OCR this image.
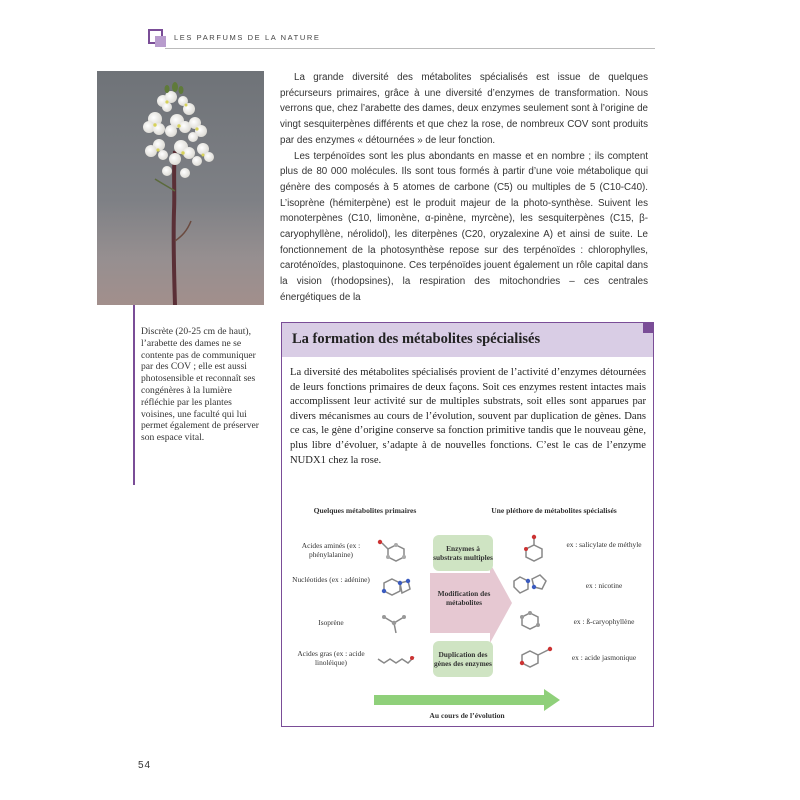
LES PARFUMS DE LA NATURE
Discrète (20-25 cm de haut), l’arabette des dames ne se contente pas de communiquer par des COV ; elle est aussi photosensible et reconnaît ses congénères à la lumière réfléchie par les plantes voisines, une faculté qui lui permet également de préserver son espace vital.

La grande diversité des métabolites spécialisés est issue de quelques précurseurs primaires, grâce à une diversité d’enzymes de transformation. Nous verrons que, chez l’arabette des dames, deux enzymes seulement sont à l’origine de vingt sesquiterpènes différents et que chez la rose, de nombreux COV sont produits par des enzymes « détournées » de leur fonction.

Les terpénoïdes sont les plus abondants en masse et en nombre ; ils comptent plus de 80 000 molécules. Ils sont tous formés à partir d’une voie métabolique qui génère des composés à 5 atomes de carbone (C5) ou multiples de 5 (C10-C40). L’isoprène (hémiterpène) est le produit majeur de la photo-synthèse. Suivent les monoterpènes (C10, limonène, α-pinène, myrcène), les sesquiterpènes (C15, β-caryophyllène, nérolidol), les diterpènes (C20, oryzalexine A) et ainsi de suite. Le fonctionnement de la photosynthèse repose sur des terpénoïdes : chlorophylles, caroténoïdes, plastoquinone. Ces terpénoïdes jouent également un rôle capital dans la vision (rhodopsines), la respiration des mitochondries – ces centrales énergétiques de la

La formation des métabolites spécialisés

La diversité des métabolites spécialisés provient de l’activité d’enzymes détournées de leurs fonctions primaires de deux façons. Soit ces enzymes restent intactes mais accomplissent leur activité sur de multiples substrats, soit elles sont apparues par divers mécanismes au cours de l’évolution, souvent par duplication de gènes. Dans ce cas, le gène d’origine conserve sa fonction primitive tandis que le nouveau gène, plus libre d’évoluer, s’adapte à de nouvelles fonctions. C’est le cas de l’enzyme NUDX1 chez la rose.

Quelques métabolites primaires	Une pléthore de métabolites spécialisés
Acides aminés (ex : phénylalanine)
Nucléotides (ex : adénine)
Isoprène
Acides gras (ex : acide linoléique)
Enzymes à substrats multiples
Modification des métabolites
Duplication des gènes des enzymes
ex : salicylate de méthyle
ex : nicotine
ex : ß-caryophyllène
ex : acide jasmonique
Au cours de l’évolution
54
